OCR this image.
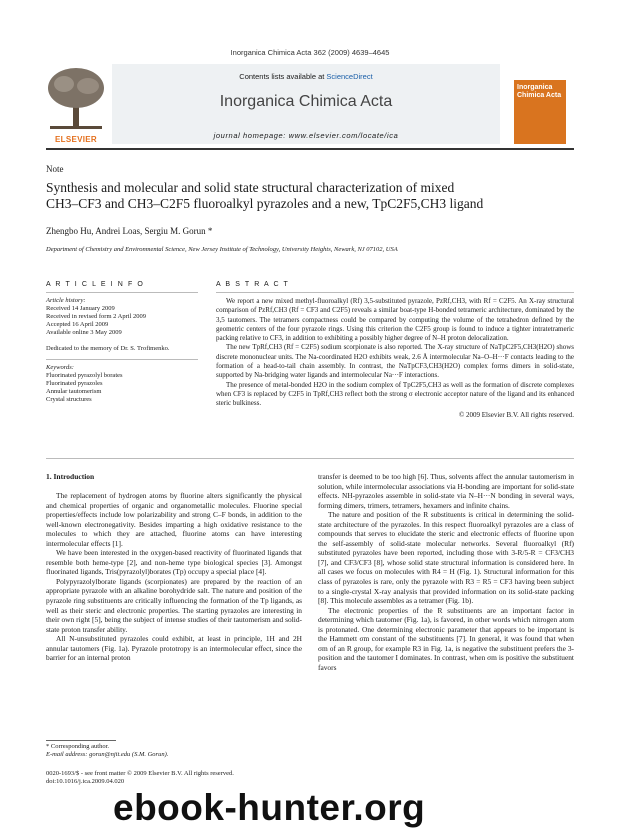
Inorganica Chimica Acta 362 (2009) 4639–4645
ELSEVIER
Contents lists available at ScienceDirect
Inorganica Chimica Acta
journal homepage: www.elsevier.com/locate/ica
Inorganica Chimica Acta
Note
Synthesis and molecular and solid state structural characterization of mixed
CH3–CF3 and CH3–C2F5 fluoroalkyl pyrazoles and a new, TpC2F5,CH3 ligand
Zhengbo Hu, Andrei Loas, Sergiu M. Gorun *
Department of Chemistry and Environmental Science, New Jersey Institute of Technology, University Heights, Newark, NJ 07102, USA
A R T I C L E I N F O	A B S T R A C T
Article history:
Received 14 January 2009
Received in revised form 2 April 2009
Accepted 16 April 2009
Available online 3 May 2009
Dedicated to the memory of Dr. S. Trofimenko.
Keywords:
Fluorinated pyrazolyl borates
Fluorinated pyrazoles
Annular tautomerism
Crystal structures

We report a new mixed methyl-fluoroalkyl (Rf) 3,5-substituted pyrazole, PzRf,CH3, with Rf = C2F5. An X-ray structural comparison of PzRf,CH3 (Rf = CF3 and C2F5) reveals a similar boat-type H-bonded tetrameric architecture, dominated by the 3,5 tautomers. The tetramers compactness could be compared by computing the volume of the tetrahedron defined by the geometric centers of the four pyrazole rings. Using this criterion the C2F5 group is found to induce a tighter intratetrameric packing relative to CF3, in addition to exhibiting a possibly higher degree of N–H proton delocalization.

The new TpRf,CH3 (Rf = C2F5) sodium scorpionate is also reported. The X-ray structure of NaTpC2F5,CH3(H2O) shows discrete mononuclear units. The Na-coordinated H2O exhibits weak, 2.6 Å intermolecular Na–O–H···F contacts leading to the formation of a head-to-tail chain assembly. In contrast, the NaTpCF3,CH3(H2O) complex forms dimers in solid-state, supported by Na-bridging water ligands and intermolecular Na···F interactions.

The presence of metal-bonded H2O in the sodium complex of TpC2F5,CH3 as well as the formation of discrete complexes when CF3 is replaced by C2F5 in TpRf,CH3 reflect both the strong σ electronic acceptor nature of the ligand and its enhanced steric bulkiness.

© 2009 Elsevier B.V. All rights reserved.
1. Introduction

The replacement of hydrogen atoms by fluorine alters significantly the physical and chemical properties of organic and organometallic molecules. Fluorine special properties/effects include low polarizability and strong C–F bonds, in addition to the well-known electronegativity. Besides imparting a high oxidative resistance to the molecules to which they are attached, fluorine atoms can have interesting intermolecular effects [1].

We have been interested in the oxygen-based reactivity of fluorinated ligands that resemble both heme-type [2], and non-heme type biological species [3]. Amongst fluorinated ligands, Tris(pyrazolyl)borates (Tp) occupy a special place [4].

Polypyrazolylborate ligands (scorpionates) are prepared by the reaction of an appropriate pyrazole with an alkaline borohydride salt. The nature and position of the pyrazole ring substituents are critically influencing the formation of the Tp ligands, as well as their steric and electronic properties. The starting pyrazoles are interesting in their own right [5], being the subject of intense studies of their tautomerism and solid-state proton transfer ability.

All N-unsubstituted pyrazoles could exhibit, at least in principle, 1H and 2H annular tautomers (Fig. 1a). Pyrazole prototropy is an intermolecular effect, since the barrier for an internal proton

transfer is deemed to be too high [6]. Thus, solvents affect the annular tautomerism in solution, while intermolecular associations via H-bonding are important for solid-state effects. NH-pyrazoles assemble in solid-state via N–H···N bonding in several ways, forming dimers, trimers, tetramers, hexamers and infinite chains.

The nature and position of the R substituents is critical in determining the solid-state architecture of the pyrazoles. In this respect fluoroalkyl pyrazoles are a class of compounds that serves to elucidate the steric and electronic effects of fluorine upon the self-assembly of solid-state molecular networks. Several fluoroalkyl (Rf) substituted pyrazoles have been reported, including those with 3-R/5-R = CF3/CH3 [7], and CF3/CF3 [8], whose solid state structural information is considered here. In all cases we focus on molecules with R4 = H (Fig. 1). Structural information for this class of pyrazoles is rare, only the pyrazole with R3 = R5 = CF3 having been subject to a single-crystal X-ray analysis that provided information on its solid-state packing [8]. This molecule assembles as a tetramer (Fig. 1b).

The electronic properties of the R substituents are an important factor in determining which tautomer (Fig. 1a), is favored, in other words which nitrogen atom is protonated. One determining electronic parameter that appears to be important is the Hammett σm constant of the substituents [7]. In general, it was found that when σm of an R group, for example R3 in Fig. 1a, is negative the substituent prefers the 3-position and the tautomer I dominates. In contrast, when σm is positive the substituent favors

* Corresponding author.
E-mail address: gorun@njit.edu (S.M. Gorun).
0020-1693/$ - see front matter © 2009 Elsevier B.V. All rights reserved.
doi:10.1016/j.ica.2009.04.020
ebook-hunter.org
